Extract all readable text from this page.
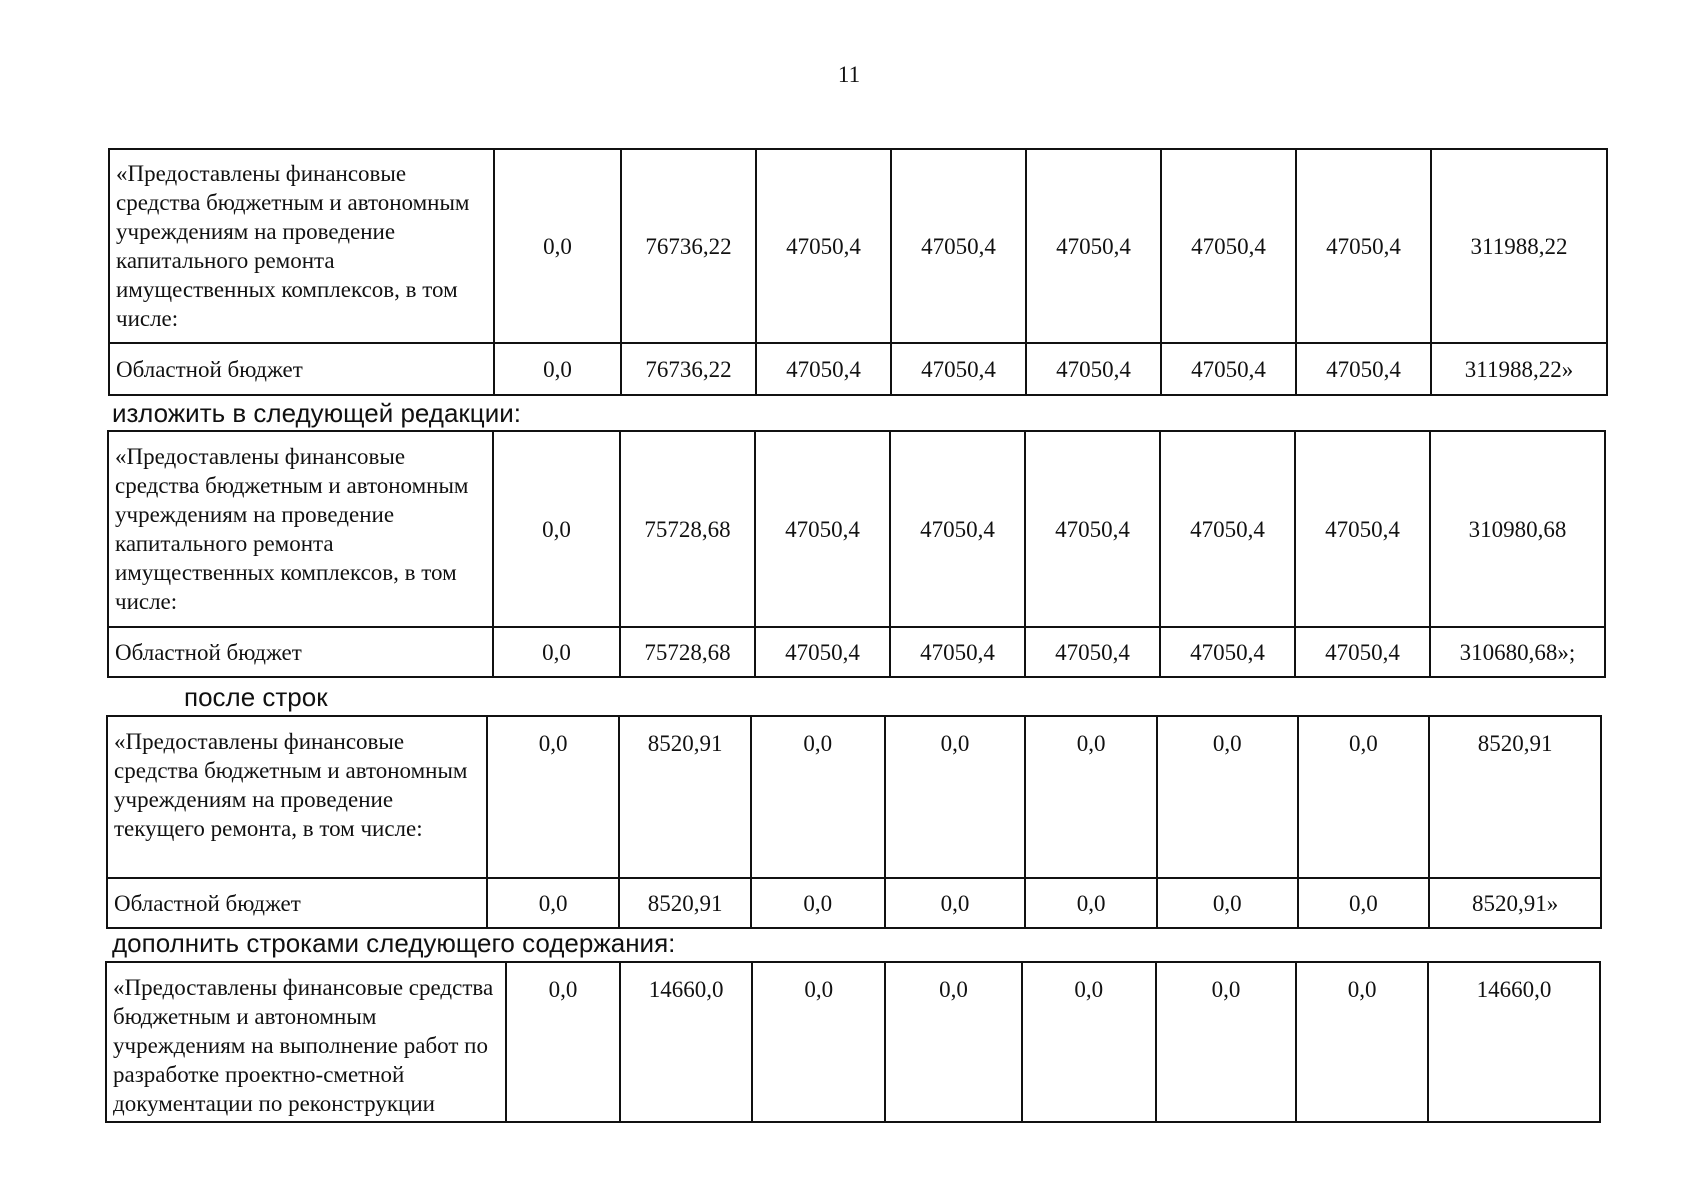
11
«Предоставлены финансовые средства бюджетным и автономным учреждениям на проведение капитального ремонта имущественных комплексов, в том числе:	0,0	76736,22	47050,4	47050,4	47050,4	47050,4	47050,4	311988,22
Областной бюджет	0,0	76736,22	47050,4	47050,4	47050,4	47050,4	47050,4	311988,22»
изложить в следующей редакции:
«Предоставлены финансовые средства бюджетным и автономным учреждениям на проведение капитального ремонта имущественных комплексов, в том числе:	0,0	75728,68	47050,4	47050,4	47050,4	47050,4	47050,4	310980,68
Областной бюджет	0,0	75728,68	47050,4	47050,4	47050,4	47050,4	47050,4	310680,68»;
после строк
«Предоставлены финансовые средства бюджетным и автономным учреждениям на проведение текущего ремонта, в том числе:	0,0	8520,91	0,0	0,0	0,0	0,0	0,0	8520,91
Областной бюджет	0,0	8520,91	0,0	0,0	0,0	0,0	0,0	8520,91»
дополнить строками следующего содержания:
«Предоставлены финансовые средства бюджетным и автономным учреждениям на выполнение работ по разработке проектно-сметной документации по реконструкции	0,0	14660,0	0,0	0,0	0,0	0,0	0,0	14660,0
